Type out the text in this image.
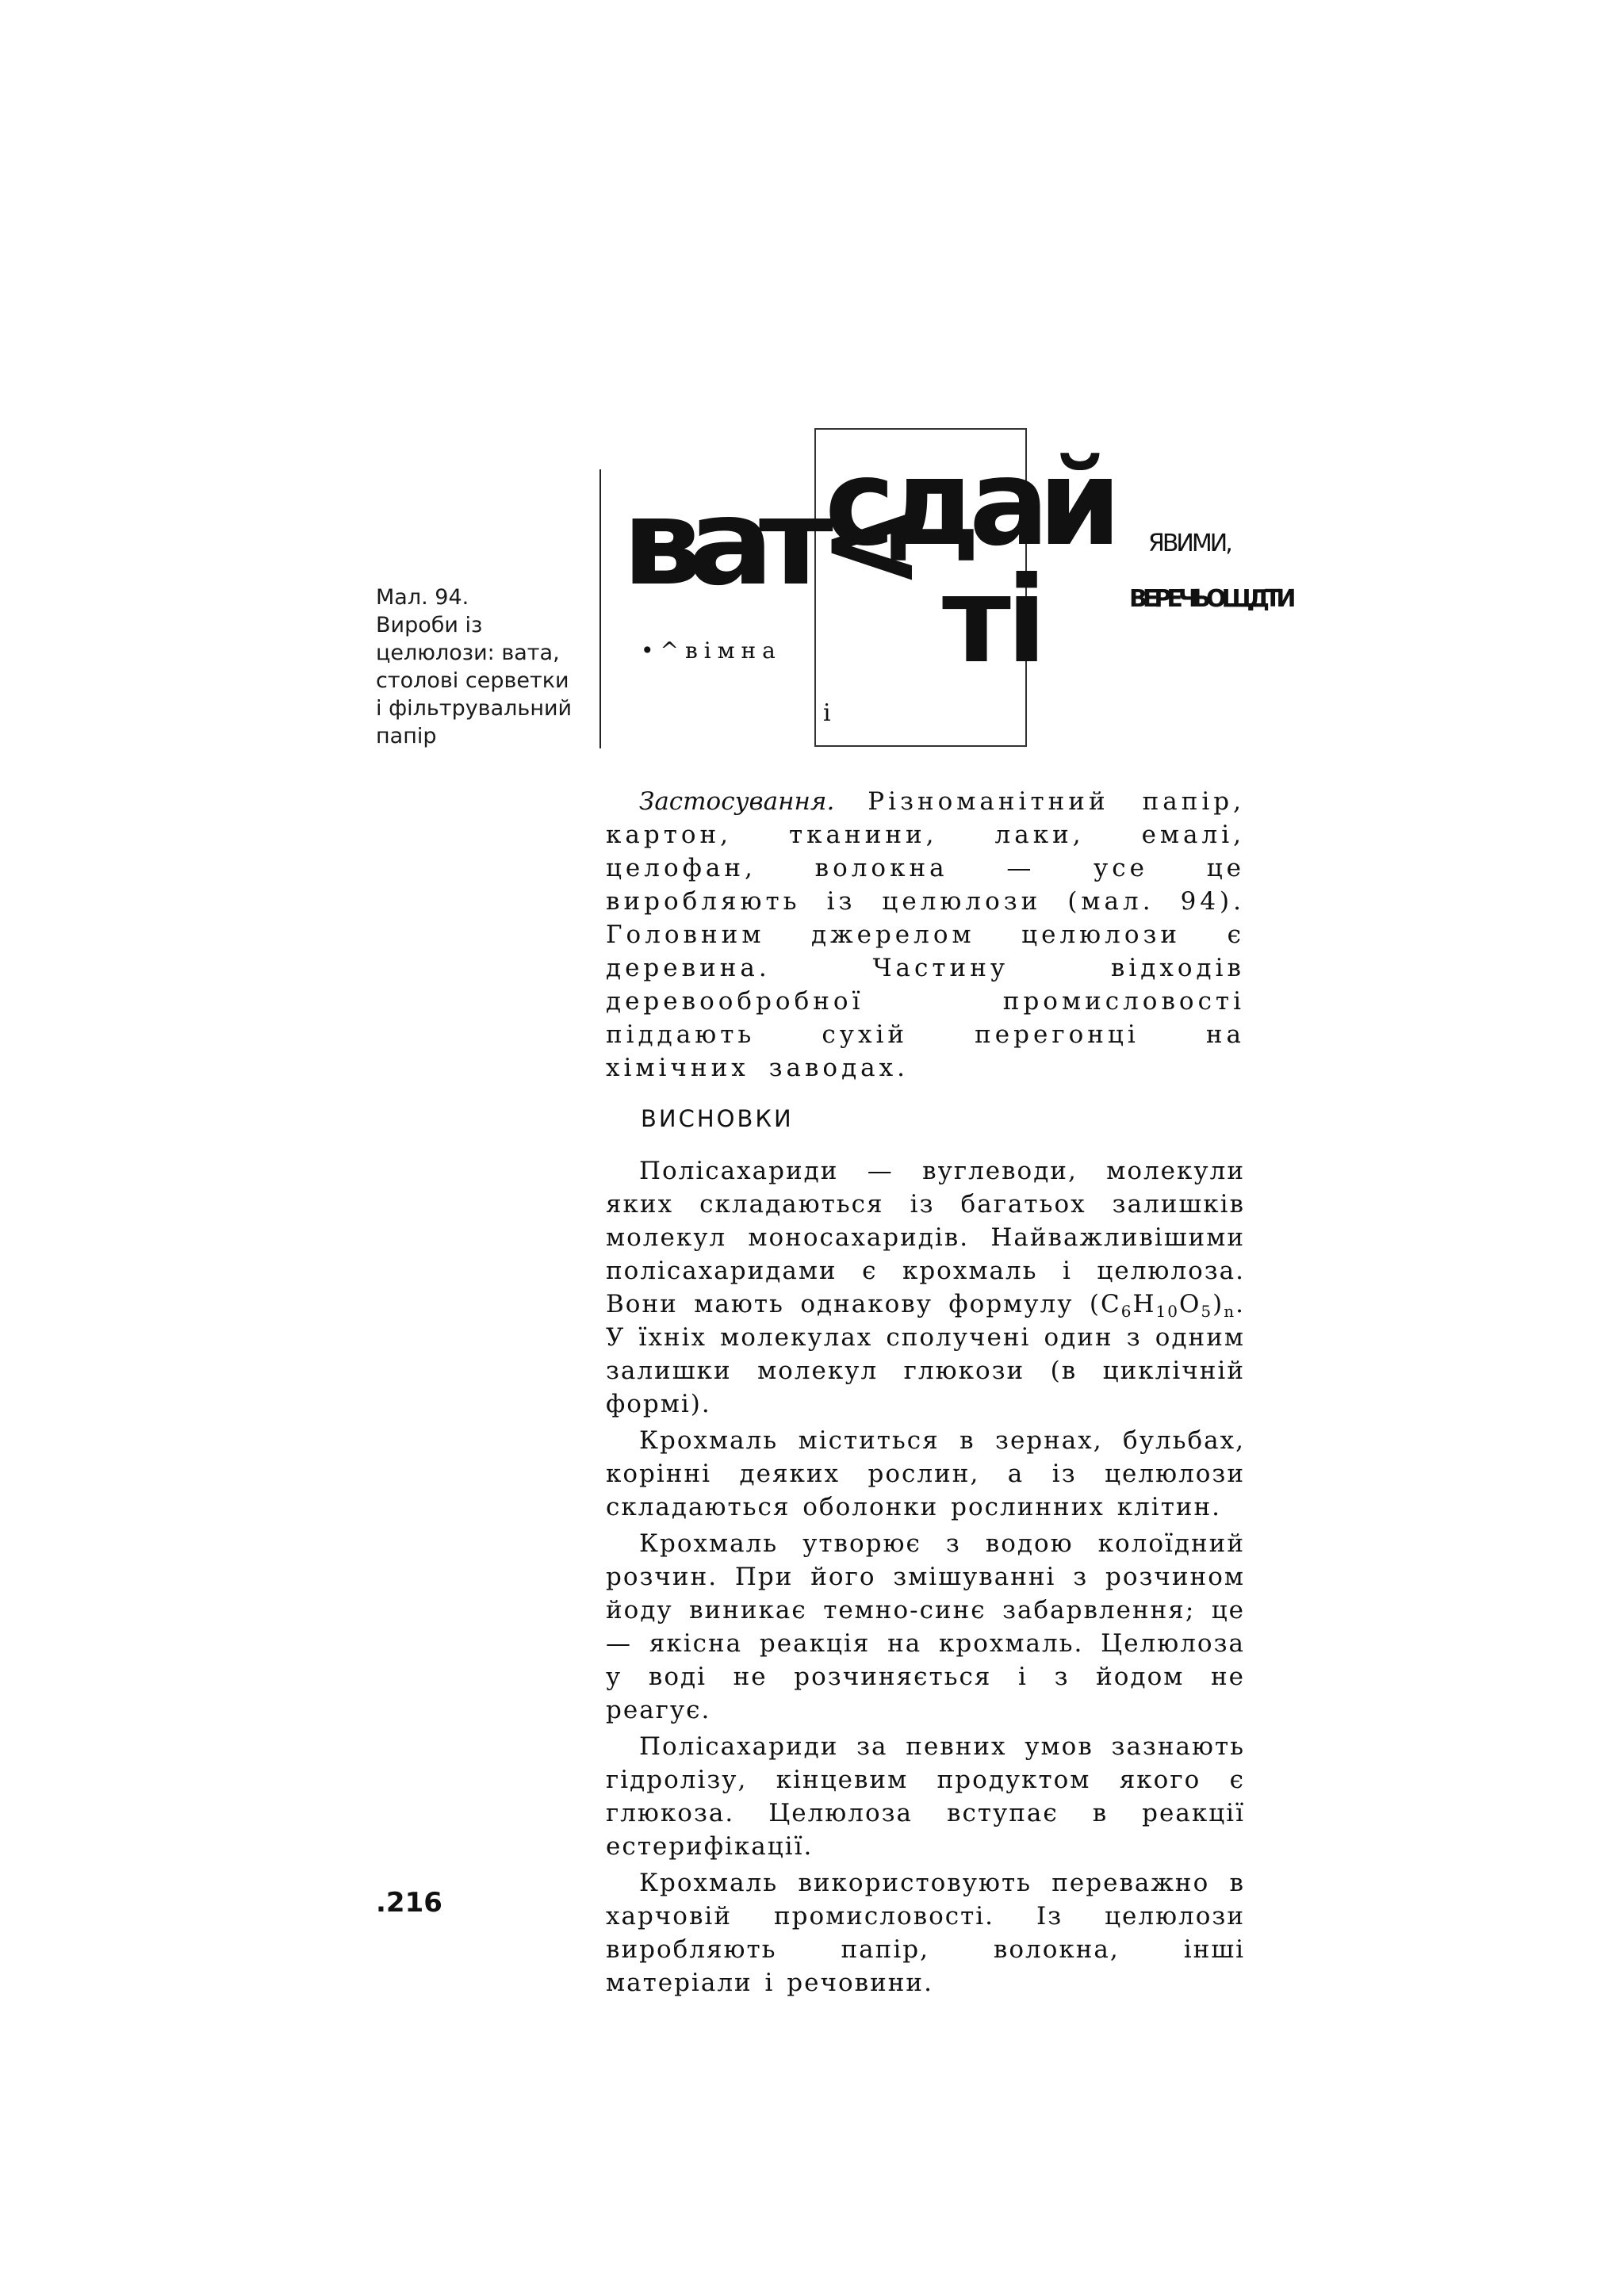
Мал. 94.
Вироби із
целюлози: вата,
столові серветки
і фільтрувальний
папір
ват<
сдай
ті
•^вімна
і
ЯВИМИ,
ВЕРЕЧЬОЩДТИ
Застосування. Різноманітний папір, картон, тканини, лаки, емалі, целофан, волокна — усе це виробляють із целюлози (мал. 94). Головним джерелом целюлози є деревина. Частину відходів деревообробної промисловості піддають сухій перегонці на хімічних заводах.
ВИСНОВКИ

Полісахариди — вуглеводи, молекули яких складаються із багатьох залишків молекул моносахаридів. Найважливішими полісахаридами є крохмаль і целюлоза. Вони мають однакову формулу $(C_6H_{10}O_5)_n$. У їхніх молекулах сполучені один з одним залишки молекул глюкози (в циклічній формі).

Крохмаль міститься в зернах, бульбах, корінні деяких рослин, а із целюлози складаються оболонки рослинних клітин.

Крохмаль утворює з водою колоїдний розчин. При його змішуванні з розчином йоду виникає темно-синє забарвлення; це — якісна реакція на крохмаль. Целюлоза у воді не розчиняється і з йодом не реагує.

Полісахариди за певних умов зазнають гідролізу, кінцевим продуктом якого є глюкоза. Целюлоза вступає в реакції естерифікації.

Крохмаль використовують переважно в харчовій промисловості. Із целюлози виробляють папір, волокна, інші матеріали і речовини.

.216
